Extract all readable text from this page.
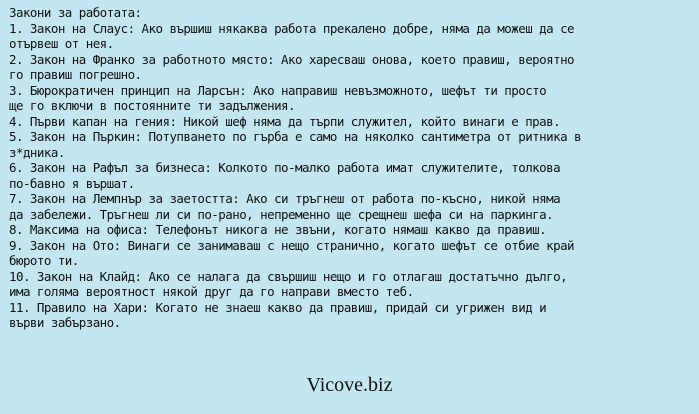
Закони за работата:
1. Закон на Слаус: Ако вършиш някаква работа прекалено добре, няма да можеш да се
отървеш от нея.
2. Закон на Франко за работното място: Ако харесваш онова, което правиш, вероятно
го правиш погрешно.
3. Бюрократичен принцип на Ларсън: Ако направиш невъзможното, шефът ти просто
ще го включи в постоянните ти задължения.
4. Първи капан на гения: Никой шеф няма да търпи служител, който винаги е прав.
5. Закон на Пъркин: Потупването по гърба е само на няколко сантиметра от ритника в
з*дника.
6. Закон на Рафъл за бизнеса: Колкото по-малко работа имат служителите, толкова
по-бавно я вършат.
7. Закон на Лемпнър за заетостта: Ако си тръгнеш от работа по-късно, никой няма
да забележи. Тръгнеш ли си по-рано, непременно ще срещнеш шефа си на паркинга.
8. Максима на офиса: Телефонът никога не звъни, когато нямаш какво да правиш.
9. Закон на Ото: Винаги се занимаваш с нещо странично, когато шефът се отбие край
бюрото ти.
10. Закон на Клайд: Ако се налага да свършиш нещо и го отлагаш достатъчно дълго,
има голяма вероятност някой друг да го направи вместо теб.
11. Правило на Хари: Когато не знаеш какво да правиш, придай си угрижен вид и
върви забързано.
Vicove.biz
